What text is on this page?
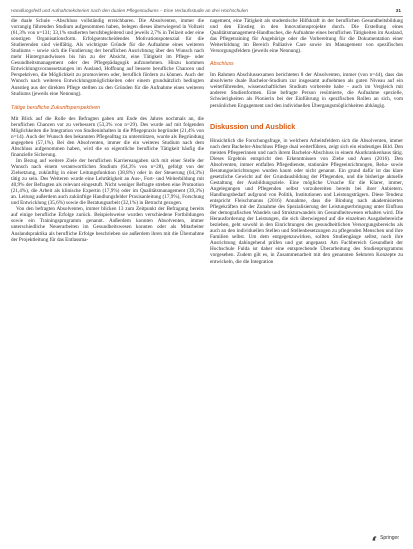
Handlungsfeld und Aufnahmekriterien nach den dualen Pflegestudiums – Eine Verlaufsstudie an drei Hochschulen	31

die duale Schule –Abschluss vollständig erreichbaren. Die Absolventen, immer die vorrangig führenden Studium aufgenommen haben, belegen dieses überwiegend in Vollzeit (61,3% von n=131; 33,1% studierten berufsbegleitend und jeweils 2,7% in Teilzeit oder eine sonstigen Organisationsform. Erfolgsentscheidendes Motivationspotenzial für die Studierenden sind vielfältig. Als wichtigste Gründe für die Aufnahme eines weiteren Studiums – sowie sich die Fundierung der beruflichen Ausrichtung über den Wunsch nach mehr Hintergrundwissen bis hin zu der Absicht, eine Tätigkeit im Pflege- oder Gesundheitsmanagement oder des Pflegepädagogik aufzunehmen. Hinzu kommen Entwicklungsvoraussetzungen im Ausland, Hoffnung auf bessere berufliche Chancen und Perspektiven, die Möglichkeit zu promovieren oder, beruflich fördern zu können. Auch der Wunsch nach weiteren Entwicklungsmöglichkeiten oder einem grundsätzlich bedingten Ausstieg aus der direkten Pflege stellten zu den Gründen für die Aufnahme eines weiteren Studiums (jeweils eine Nennung).

Tätige berufliche Zukunftsperspektiven

Mit Blick auf die Rolle des Befragten gaben am Ende des Jahres nochmals an, die beruflichen Chancen vor zu verbessern (53,3% von n=29). Des wurde auf mit folgenden Möglichkeiten die Integration von Studieninhalten in die Pflegepraxis begründet (21,4% von n=14). Auch der Wunsch den bekannten Pflegealltag zu unterstützen, wurde als Begründung angegeben (57,1%). Bei den Absolventen, immer die ein weiteres Studium nach dem Abschluss aufgenommen haben, wird die so eigentliche berufliche Tätigkeit häufig die finanzielle Sicherung.

Im Bezug auf weitere Ziele der beruflichen Karriereangaben sich mit einer Stelle der Wunsch nach einem verantwortlichen Studium (64,3% von n=28), gefolgt von der Zielsetzung, zukünftig in einer Leitungsfunktion (38,8%) oder in der Steuerung (64,3%) tätig zu sein. Des Weiteren wurde eine Lehrtätigkeit an Aus-, Fort- und Weiterbildung mit 40,9% der Befragten als relevant eingestuft. Nicht weniger Befragte streben eine Promotion (21,4%), die Arbeit als klinische Expertin (17,9%) oder im Qualitätsmanagement (39,3%) an. Leitung außerdem auch zukünftige Handlungsfelder Praxisanleitung (17,9%), Forschung und Entwicklung (35,6%) sowie die Beratungsarbeit (32,1%) in Betracht gezogen.

Von den befragten Absolventen, immer blicken 13 zum Zeitpunkt der Befragung bereits auf einige berufliche Erfolge zurück. Beispielsweise wurden verschiedene Fortbildungen sowie ein Trainingsprogramm genannt. Außerdem konnten Absolventen, immer unterschiedliche Neuerarbeiten im Gesundheitswesen konnten oder als Mitarbeiter Auslandspraktika als berufliche Erfolge beschrieben sie außerdem ihren mit die Übernahme der Projektleitung für das Entlassma-

nagement, eine Tätigkeit als studentische Hilfskraft in der beruflichen Gesundheitsbildung und den Einstieg in den Innovationsprojekte durch. Die Erstellung eines Qualitätsmanagement-Handbuches, die Aufnahme eines beruflichen Tätigkeiten im Ausland, das Pflegetraining für Angehörige oder die Vorbereitung für die Dokumentation einer Weiterbildung im Bereich Palliative Care sowie im Management von spezifischen Versorgungsfeldern (jeweils eine Nennung).

Abschluss

Im Rahmen Abschlussexamen berichteten 8 der Absolventen, immer (von n=44), dass das absolvierte duale Bachelor-Studium zur insgesamt aufnehmen als guten Niveau auf ein weiterführendes, wissenschaftliches Studium vorbereite habe – auch im Vergleich mit anderen Studienformen. Eine befragte Person resümierte, die Aufnahme spezielle, Schwierigkeiten als Pionierin bei der Einführung in spezifischen Rollen an sich, vom persönlichen Engagement und den individuellen Übergangsmöglichkeiten abhängig.

Diskussion und Ausblick

Hinsichtlich die Forschungsfrage, in welchem Arbeitsfeldern sich die Absolventen, immer nach dem Bachelor-Abschluss Pflege dual weiterführen, zeigt sich ein eindeutiges Bild. Den meisten Pflegeerinnen und nach ihrem Bachelor-Abschluss in einem Akutkrankenhaus tätig. Dieses Ergebnis entspricht den Erkenntnissen von Ziehe und Auen (2016). Den Absolventen, immer entfallen Pflegedienste, stationäre Pflegeeinrichtungen, Reha- sowie Beratungseinrichtungen wurden kaum oder nicht genannt. Ein grund dafür ist das klare gesetzliche Gewicht auf der Grundausbildung der Pflegenden, und die bisherige aktuelle Gestaltung der Ausbildungsziele. Eine mögliche Ursache für die Klarer, immer, Angelegungen und Pflegenden selbst vorzubereiten bereits bei ihrer Anbietern. Handlungsbedarf aufgrund von Politik, Institutionen und Leistungsträgern. Diese Tendenz entspricht Fleischmanns (2016) Annahme, dass die Bindung nach akademisierten Pflegekräften mit der Zunahme des Spezialisierung der Leistungserbringung unter Einfluss der demografischen Wandels und Strukturwandels im Gesundheitswesen erhalten wird. Die Herausforderung der Leistungen, die sich überwiegend auf die einzelnen Ausgabebereiche beziehen, geht sowohl in den Einrichtungen des gesundheitlichen Versorgungsbereichs als auch an den individuellen Stellen und Stellenbesetzungen zu pflegenden Menschen und ihre Familien selbst. Um dem entgegenzuwirken, sollten Studiengänge selbst, noch ihre Ausrichtung dahingehend prüfen und gut angepasst. Am Fachbereich Gesundheit der Hochschule Fulda ist daher eine entsprechende Überarbeitung des Studienprogramms vorgesehen. Zudem gilt es, in Zusammenarbeit mit den genannten Sektoren Konzepte zu entwickeln, die die Integration

Springer
